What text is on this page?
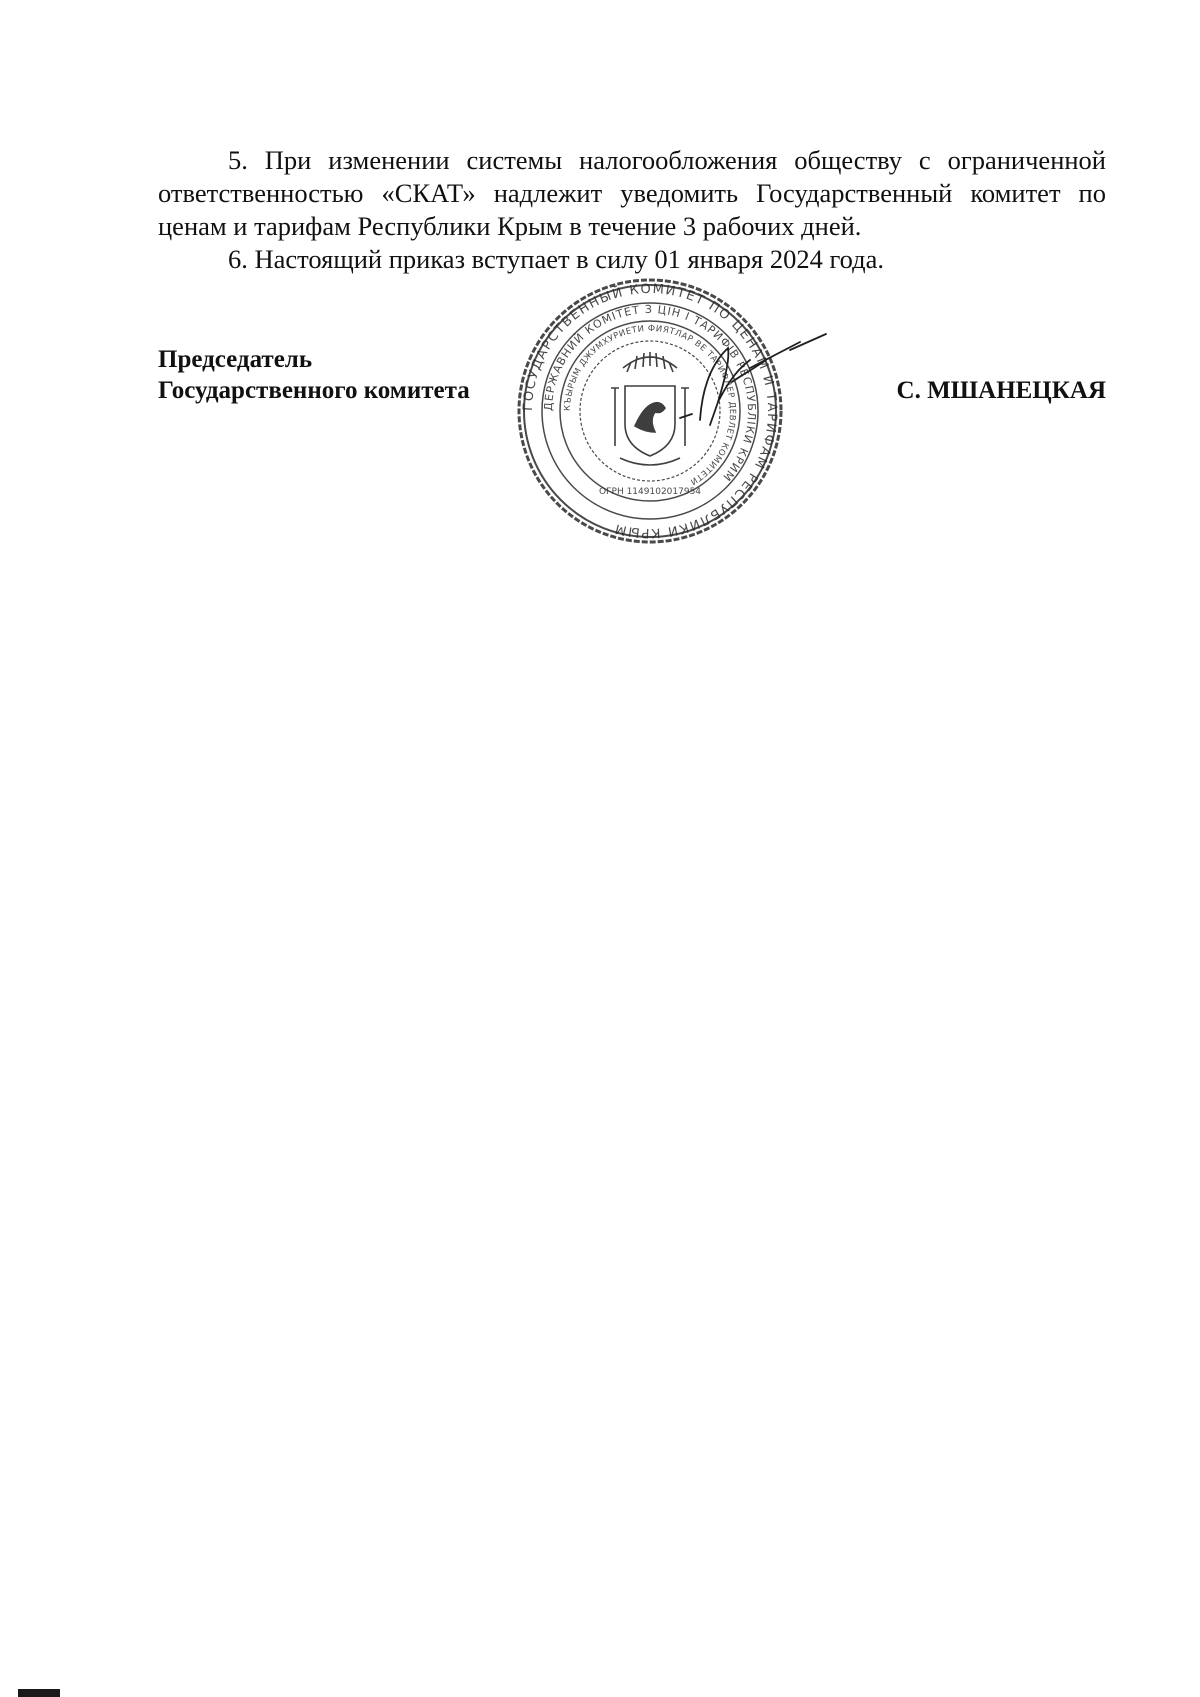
5. При изменении системы налогообложения обществу с ограниченной ответственностью «СКАТ» надлежит уведомить Государственный комитет по ценам и тарифам Республики Крым в течение 3 рабочих дней.

6. Настоящий приказ вступает в силу 01 января 2024 года.

Председатель
Государственного комитета	С. МШАНЕЦКАЯ
ГОСУДАРСТВЕННЫЙ КОМИТЕТ ПО ЦЕНАМ И ТАРИФАМ РЕСПУБЛИКИ КРЫМ
ДЕРЖАВНИЙ КОМІТЕТ З ЦІН І ТАРИФІВ РЕСПУБЛІКИ КРИМ
КЪЫРЫМ ДЖУМХУРИЕТИ ФИЯТЛАР ВЕ ТАРИФЛЕР ДЕВЛЕТ КОМИТЕТИ
ОГРН 1149102017954
